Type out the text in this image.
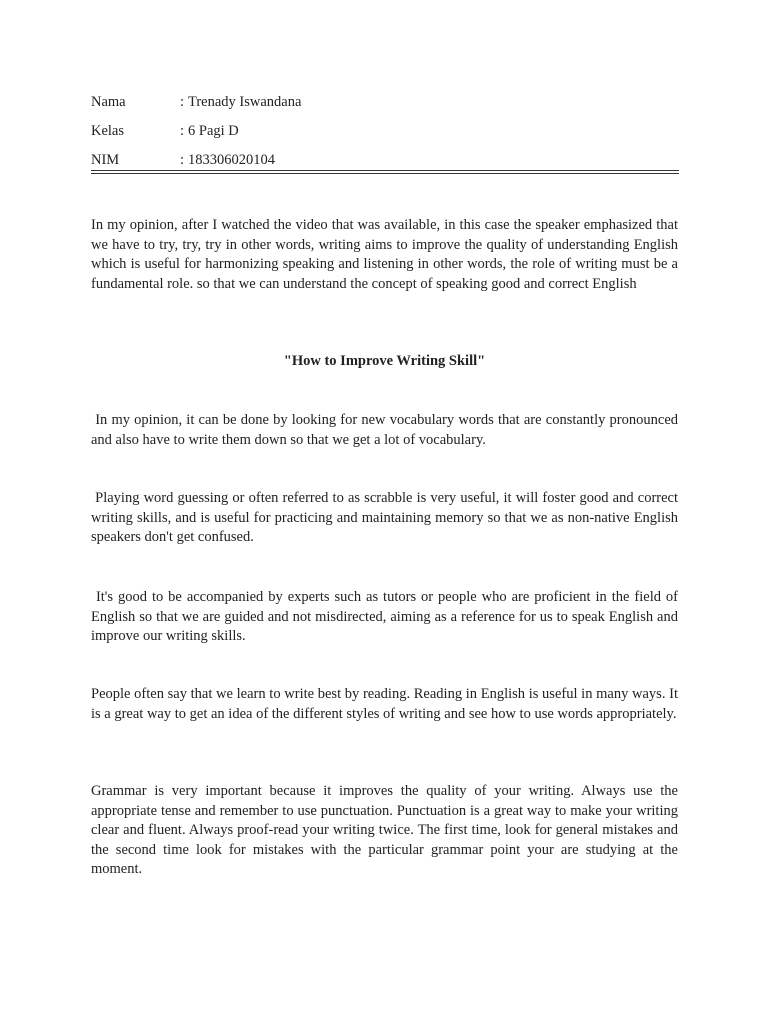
Nama	: Trenady Iswandana
Kelas	: 6 Pagi D
NIM	: 183306020104

In my opinion, after I watched the video that was available, in this case the speaker emphasized that we have to try, try, try in other words, writing aims to improve the quality of understanding English which is useful for harmonizing speaking and listening in other words, the role of writing must be a fundamental role. so that we can understand the concept of speaking good and correct English

"How to Improve Writing Skill"

In my opinion, it can be done by looking for new vocabulary words that are constantly pronounced and also have to write them down so that we get a lot of vocabulary.

Playing word guessing or often referred to as scrabble is very useful, it will foster good and correct writing skills, and is useful for practicing and maintaining memory so that we as non-native English speakers don't get confused.

It's good to be accompanied by experts such as tutors or people who are proficient in the field of English so that we are guided and not misdirected, aiming as a reference for us to speak English and improve our writing skills.

People often say that we learn to write best by reading. Reading in English is useful in many ways. It is a great way to get an idea of the different styles of writing and see how to use words appropriately.

Grammar is very important because it improves the quality of your writing. Always use the appropriate tense and remember to use punctuation. Punctuation is a great way to make your writing clear and fluent. Always proof-read your writing twice. The first time, look for general mistakes and the second time look for mistakes with the particular grammar point your are studying at the moment.
